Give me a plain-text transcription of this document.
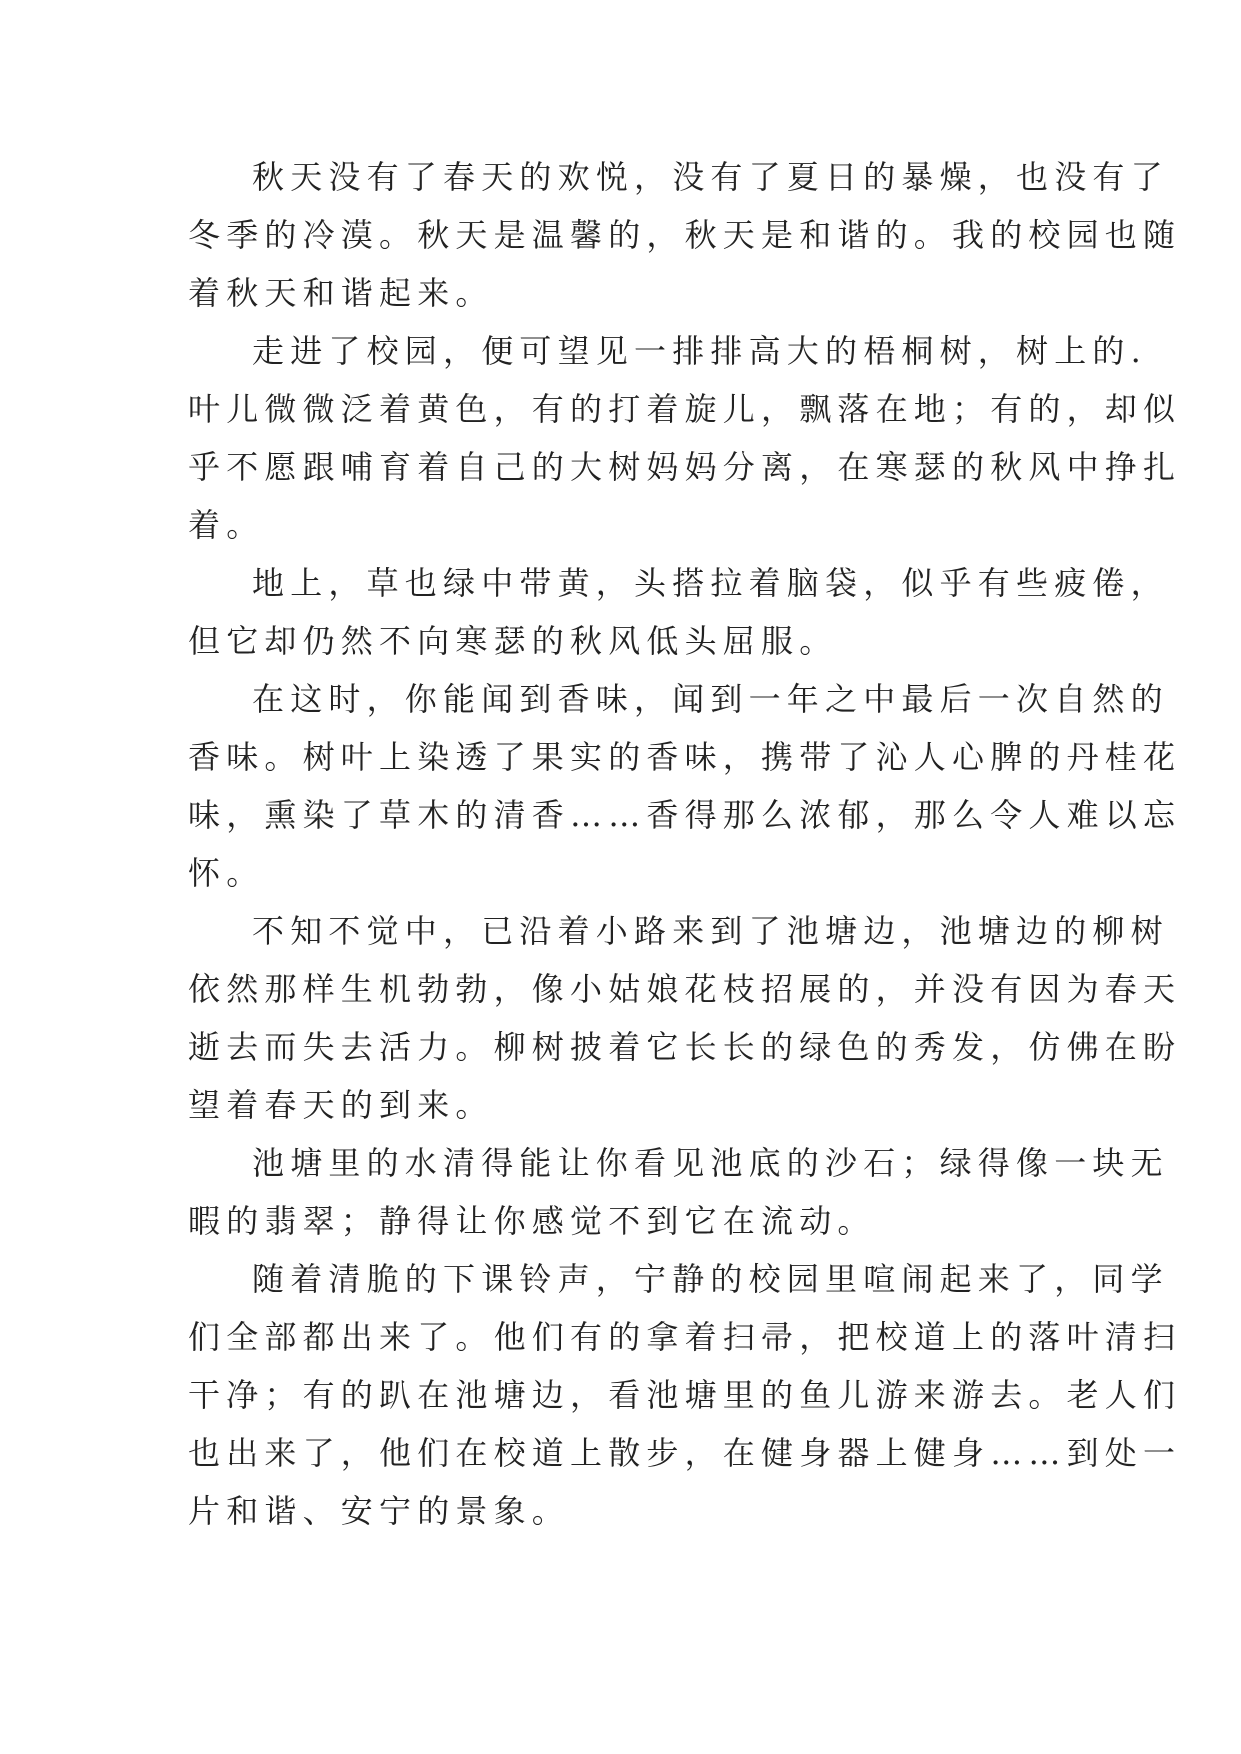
秋天没有了春天的欢悦，没有了夏日的暴燥，也没有了
冬季的冷漠。秋天是温馨的，秋天是和谐的。我的校园也随
着秋天和谐起来。
走进了校园，便可望见一排排高大的梧桐树，树上的.
叶儿微微泛着黄色，有的打着旋儿，飘落在地；有的，却似
乎不愿跟哺育着自己的大树妈妈分离，在寒瑟的秋风中挣扎
着。
地上，草也绿中带黄，头搭拉着脑袋，似乎有些疲倦，
但它却仍然不向寒瑟的秋风低头屈服。
在这时，你能闻到香味，闻到一年之中最后一次自然的
香味。树叶上染透了果实的香味，携带了沁人心脾的丹桂花
味，熏染了草木的清香……香得那么浓郁，那么令人难以忘
怀。
不知不觉中，已沿着小路来到了池塘边，池塘边的柳树
依然那样生机勃勃，像小姑娘花枝招展的，并没有因为春天
逝去而失去活力。柳树披着它长长的绿色的秀发，仿佛在盼
望着春天的到来。
池塘里的水清得能让你看见池底的沙石；绿得像一块无
暇的翡翠；静得让你感觉不到它在流动。
随着清脆的下课铃声，宁静的校园里喧闹起来了，同学
们全部都出来了。他们有的拿着扫帚，把校道上的落叶清扫
干净；有的趴在池塘边，看池塘里的鱼儿游来游去。老人们
也出来了，他们在校道上散步，在健身器上健身……到处一
片和谐、安宁的景象。
